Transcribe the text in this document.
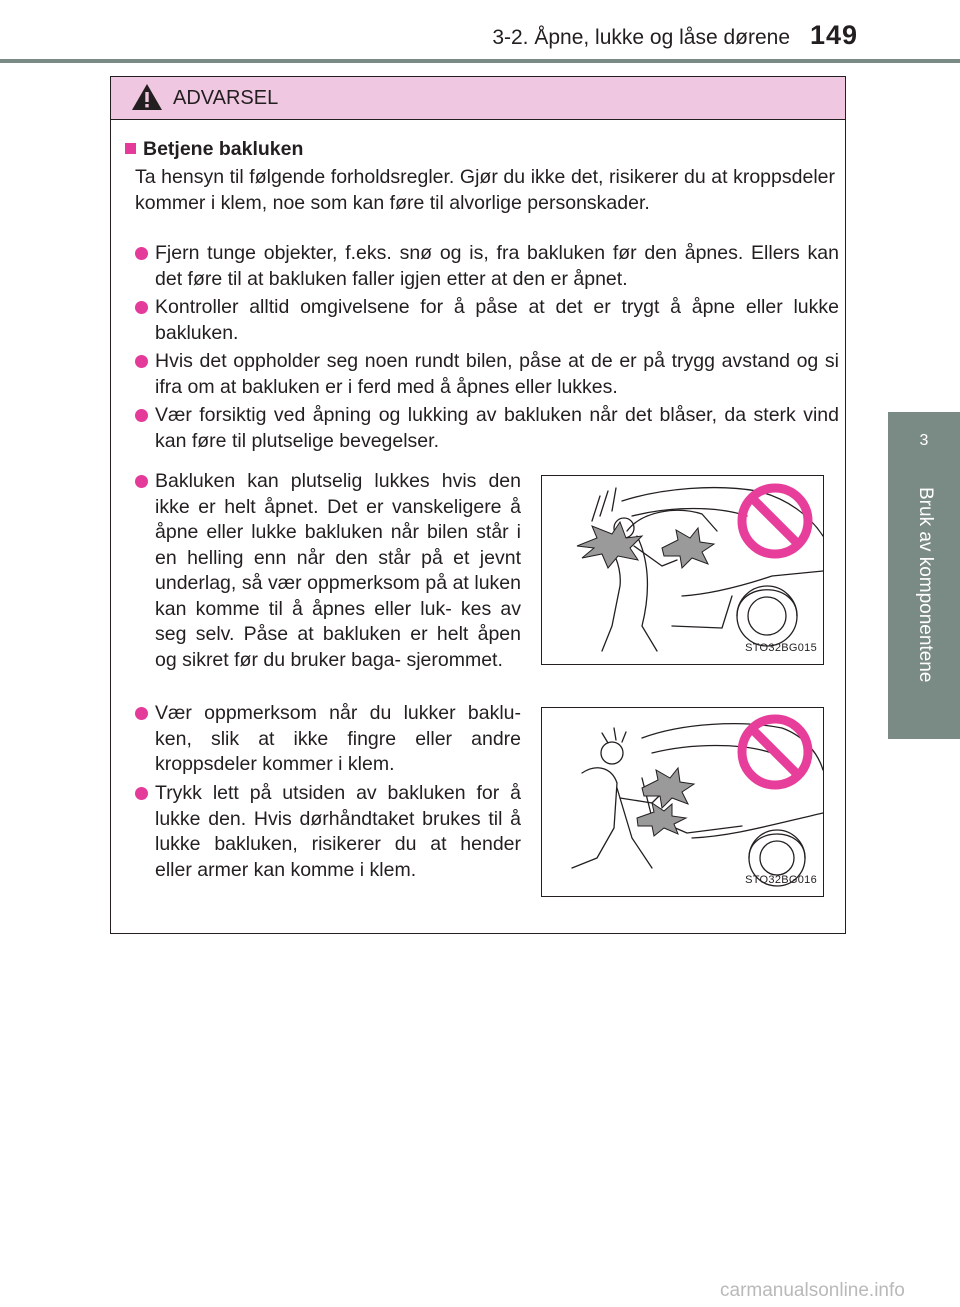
3-2. Åpne, lukke og låse dørene 149
3
Bruk av komponentene
ADVARSEL
Betjene bakluken
Ta hensyn til følgende forholdsregler. Gjør du ikke det, risikerer du at kroppsdeler kommer i klem, noe som kan føre til alvorlige personskader.
Fjern tunge objekter, f.eks. snø og is, fra bakluken før den åpnes. Ellers kan det føre til at bakluken faller igjen etter at den er åpnet.
Kontroller alltid omgivelsene for å påse at det er trygt å åpne eller lukke bakluken.
Hvis det oppholder seg noen rundt bilen, påse at de er på trygg avstand og si ifra om at bakluken er i ferd med å åpnes eller lukkes.
Vær forsiktig ved åpning og lukking av bakluken når det blåser, da sterk vind kan føre til plutselige bevegelser.
Bakluken kan plutselig lukkes hvis den ikke er helt åpnet. Det er vanskeligere å åpne eller lukke bakluken når bilen står i en helling enn når den står på et jevnt underlag, så vær oppmerksom på at luken kan komme til å åpnes eller luk- kes av seg selv. Påse at bakluken er helt åpen og sikret før du bruker baga- sjerommet.
STO32BG015
Vær oppmerksom når du lukker baklu- ken, slik at ikke fingre eller andre kroppsdeler kommer i klem.
Trykk lett på utsiden av bakluken for å lukke den. Hvis dørhåndtaket brukes til å lukke bakluken, risikerer du at hender eller armer kan komme i klem.	STO32BG016
carmanualsonline.info
